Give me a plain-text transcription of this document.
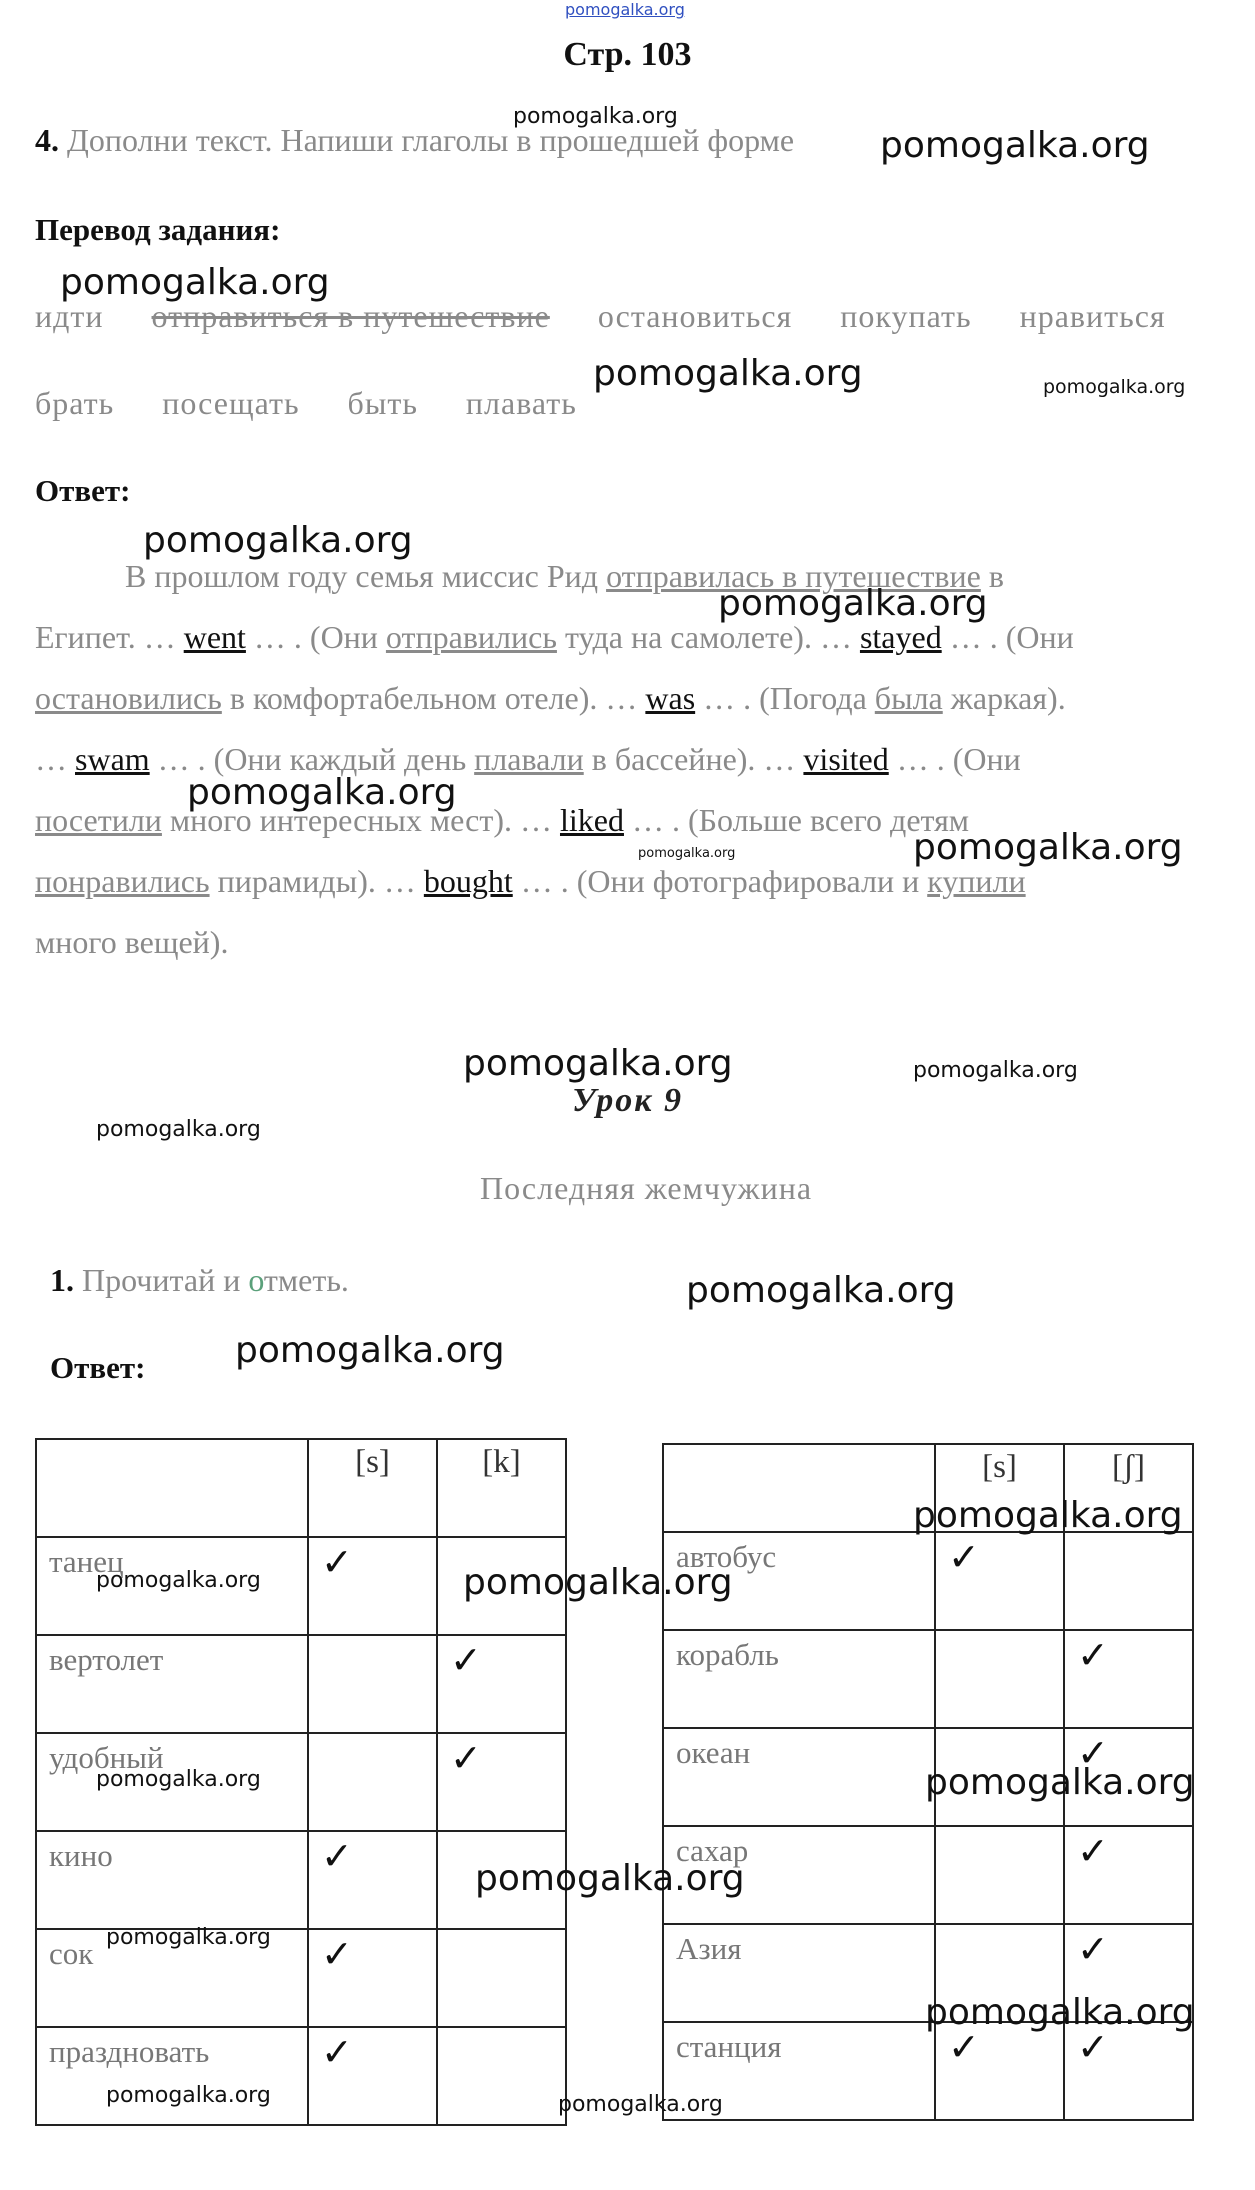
pomogalka.org
Стр. 103
4. Дополни текст. Напиши глаголы в прошедшей форме
Перевод задания:
идти отправиться в путешествие остановиться покупать нравиться
брать посещать быть плавать
Ответ:
В прошлом году семья миссис Рид отправилась в путешествие в
Египет. … went … . (Они отправились туда на самолете). … stayed … . (Они
остановились в комфортабельном отеле). … was … . (Погода была жаркая).
… swam … . (Они каждый день плавали в бассейне). … visited … . (Они
посетили много интересных мест). … liked … . (Больше всего детям
понравились пирамиды). … bought … . (Они фотографировали и купили
много вещей).
Урок 9
Последняя жемчужина
1. Прочитай и отметь.
Ответ:
	[s]	[k]
танец	✓	
вертолет		✓
удобный		✓
кино	✓	
сок	✓	
праздновать	✓	
	[s]	[ʃ]
автобус	✓	
корабль		✓
океан		✓
сахар		✓
Азия		✓
станция	✓	✓
pomogalka.org
pomogalka.org
pomogalka.org
pomogalka.org	pomogalka.org
pomogalka.org
pomogalka.org
pomogalka.org
pomogalka.org	pomogalka.org
pomogalka.org	pomogalka.org
pomogalka.org
pomogalka.org
pomogalka.org
pomogalka.org
pomogalka.org	pomogalka.org
pomogalka.org	pomogalka.org
pomogalka.org
pomogalka.org
pomogalka.org
pomogalka.org	pomogalka.org
